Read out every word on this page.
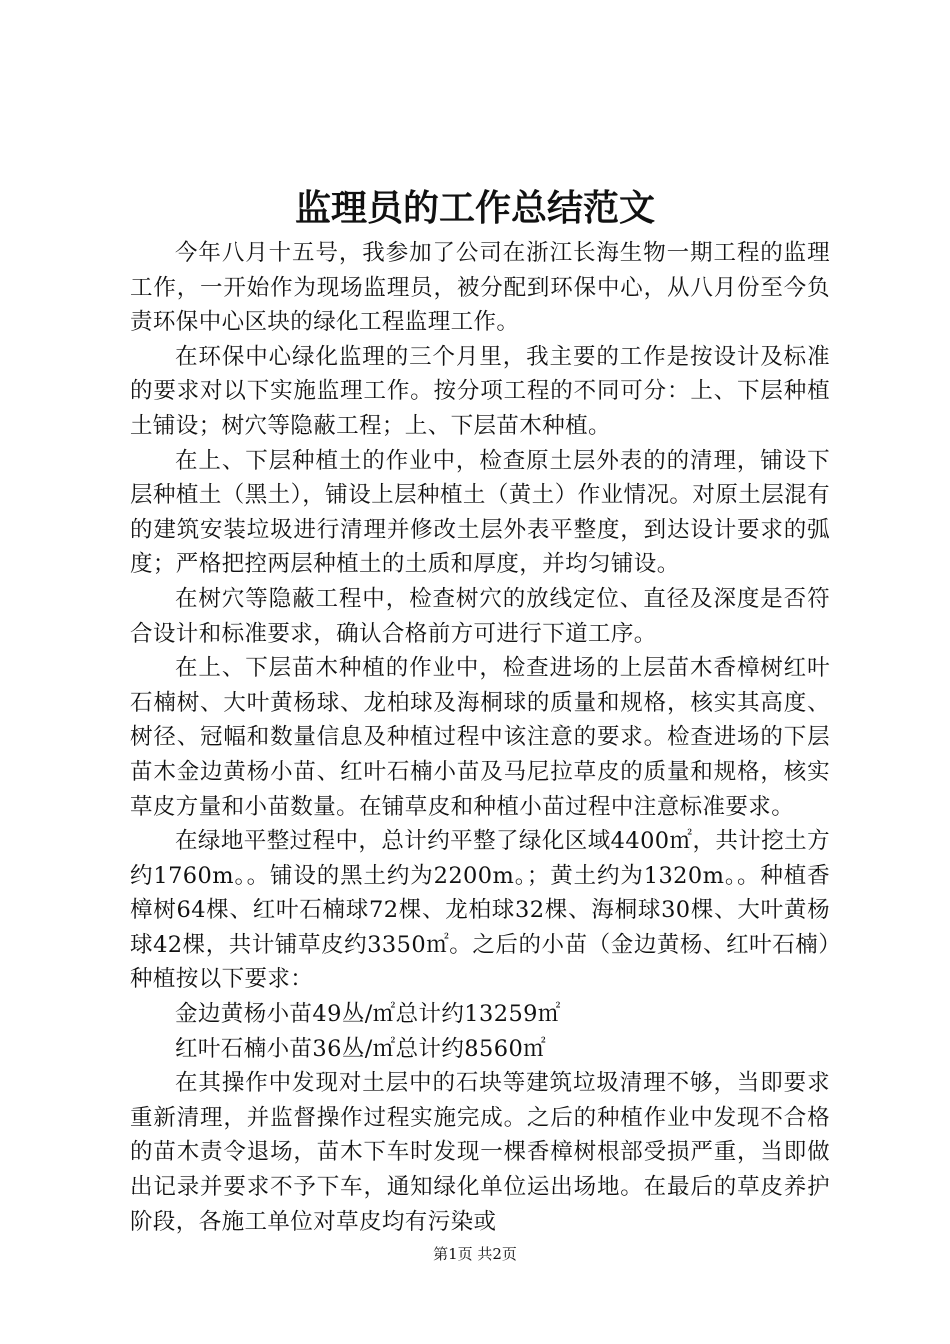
监理员的工作总结范文

今年八月十五号，我参加了公司在浙江长海生物一期工程的监理工作，一开始作为现场监理员，被分配到环保中心，从八月份至今负责环保中心区块的绿化工程监理工作。

在环保中心绿化监理的三个月里，我主要的工作是按设计及标准的要求对以下实施监理工作。按分项工程的不同可分：上、下层种植土铺设；树穴等隐蔽工程；上、下层苗木种植。

在上、下层种植土的作业中，检查原土层外表的的清理，铺设下层种植土（黑土），铺设上层种植土（黄土）作业情况。对原土层混有的建筑安装垃圾进行清理并修改土层外表平整度，到达设计要求的弧度；严格把控两层种植土的土质和厚度，并均匀铺设。

在树穴等隐蔽工程中，检查树穴的放线定位、直径及深度是否符合设计和标准要求，确认合格前方可进行下道工序。

在上、下层苗木种植的作业中，检查进场的上层苗木香樟树红叶石楠树、大叶黄杨球、龙柏球及海桐球的质量和规格，核实其高度、树径、冠幅和数量信息及种植过程中该注意的要求。检查进场的下层苗木金边黄杨小苗、红叶石楠小苗及马尼拉草皮的质量和规格，核实草皮方量和小苗数量。在铺草皮和种植小苗过程中注意标准要求。

在绿地平整过程中，总计约平整了绿化区域4400㎡，共计挖土方约1760m。。铺设的黑土约为2200m。；黄土约为1320m。。种植香樟树64棵、红叶石楠球72棵、龙柏球32棵、海桐球30棵、大叶黄杨球42棵，共计铺草皮约3350㎡。之后的小苗（金边黄杨、红叶石楠）种植按以下要求：

金边黄杨小苗49丛/㎡总计约13259㎡

红叶石楠小苗36丛/㎡总计约8560㎡

在其操作中发现对土层中的石块等建筑垃圾清理不够，当即要求重新清理，并监督操作过程实施完成。之后的种植作业中发现不合格的苗木责令退场，苗木下车时发现一棵香樟树根部受损严重，当即做出记录并要求不予下车，通知绿化单位运出场地。在最后的草皮养护阶段，各施工单位对草皮均有污染或

第1页 共2页
